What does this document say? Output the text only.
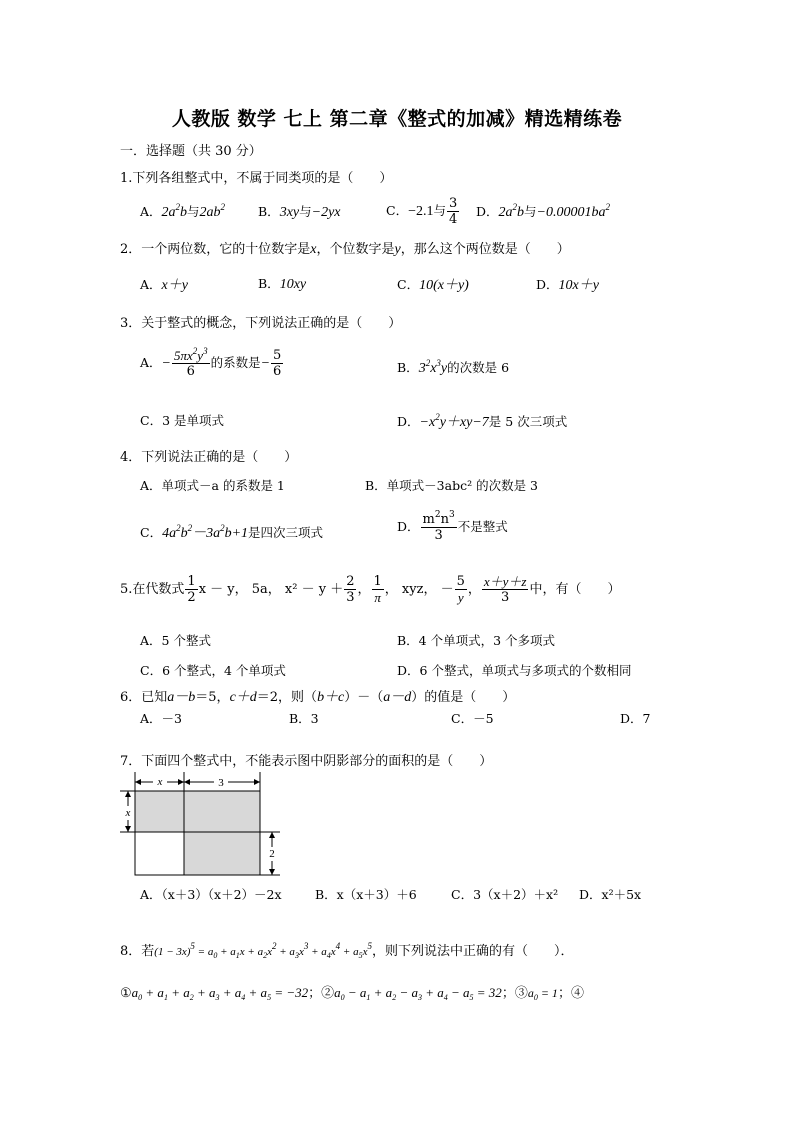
人教版 数学 七上 第二章《整式的加减》精选精练卷
一．选择题（共 30 分）
1.下列各组整式中，不属于同类项的是（　　）
A．$2a^2b$与$2ab^2$	B．3xy与−2yx	C．−2.1与 $\frac{3}{4}$ D．$2a^2b$与$-0.00001ba^2$
2．一个两位数，它的十位数字是x，个位数字是y，那么这个两位数是（　　）
A．x＋y	B．10xy	C．10(x＋y)	D．10x＋y
3．关于整式的概念，下列说法正确的是（　　）
A．− $\frac{5\pi x^2y^3}{6}$ 的系数是− $\frac{5}{6}$	B．$3^2x^3y$的次数是 6
C．3 是单项式	D．$-x^2y+xy-7$是 5 次三项式
4．下列说法正确的是（　　）
A．单项式－a 的系数是 1	B．单项式－3abc² 的次数是 3
C．$4a^2b^2-3a^2b+1$是四次三项式	D． $\frac{m^2n^3}{3}$ 不是整式
5.在代数式 $\frac{1}{2}$ x － y， 5a， $x^2 - y + \frac{2}{3}$ ， $\frac{1}{\pi}$ ， xyz， － $\frac{5}{y}$ ， $\frac{x+y+z}{3}$ 中，有（　　）
A．5 个整式	B．4 个单项式，3 个多项式
C．6 个整式，4 个单项式	D．6 个整式，单项式与多项式的个数相同
6．已知a－b＝5，c＋d＝2，则（b＋c）－（a－d）的值是（　　）
A．－3	B．3	C．－5	D．7
7．下面四个整式中，不能表示图中阴影部分的面积的是（　　）
x	3
x
2
A．（x＋3）（x＋2）－2x	B．x（x＋3）＋6	C．3（x＋2）＋x² D．x²＋5x
8．若$(1 - 3x)^5 = a_0 + a_1x + a_2x^2 + a_3x^3 + a_4x^4 + a_5x^5$，则下列说法中正确的有（　　）．
$①a_0 + a_1 + a_2 + a_3 + a_4 + a_5 = -32$；$②a_0 - a_1 + a_2 - a_3 + a_4 - a_5 = 32$；$③a_0 = 1$；④
